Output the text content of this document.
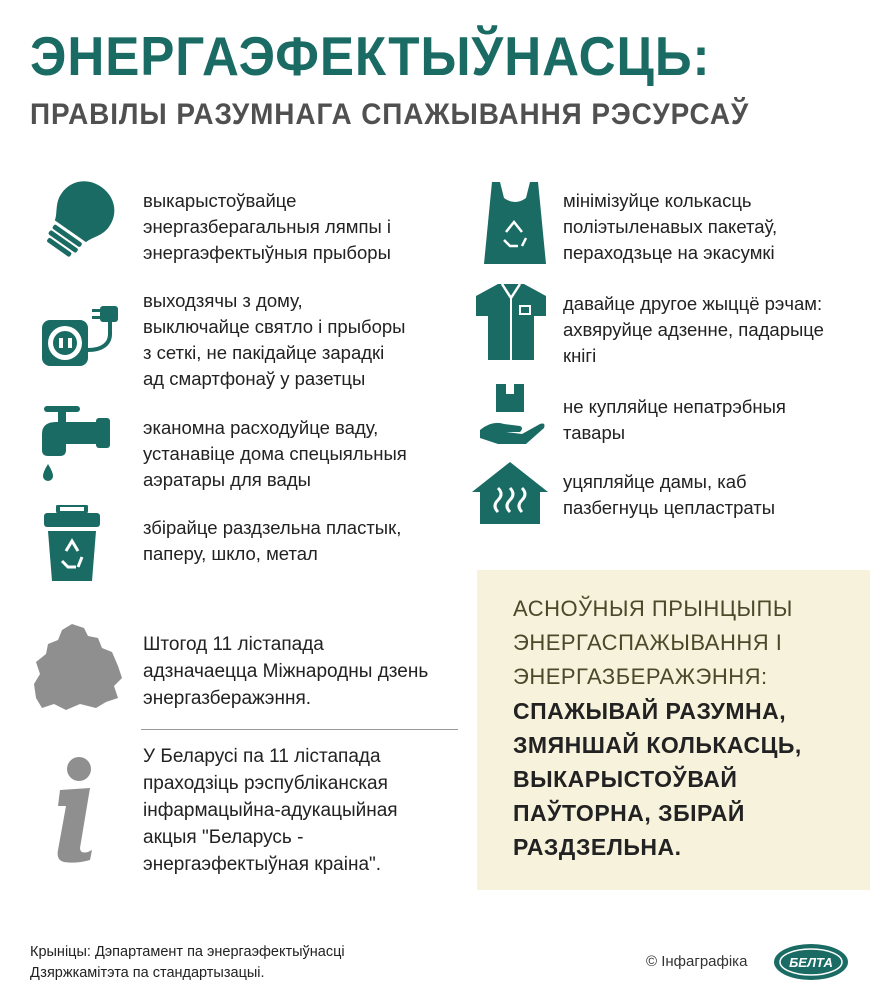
ЭНЕРГАЭФЕКТЫЎНАСЦЬ:
ПРАВІЛЫ РАЗУМНАГА СПАЖЫВАННЯ РЭСУРСАЎ
выкарыстоўвайце
энергазберагальныя лямпы і
энергаэфектыўныя прыборы
выходзячы з дому,
выключайце святло і прыборы
з сеткі, не пакідайце зарадкі
ад смартфонаў у разетцы
эканомна расходуйце ваду,
устанавіце дома спецыяльныя
аэратары для вады
збірайце раздзельна пластык,
паперу, шкло, метал
мінімізуйце колькасць
поліэтыленавых пакетаў,
пераходзьце на экасумкі
давайце другое жыццё рэчам:
ахвяруйце адзенне, падарыце
кнігі
не купляйце непатрэбныя
тавары
уцяпляйце дамы, каб
пазбегнуць цепластраты
Штогод 11 лістапада
адзначаецца Міжнародны дзень
энергазберажэння.
У Беларусі па 11 лістапада
праходзіць рэспубліканская
інфармацыйна-адукацыйная
акцыя "Беларусь -
энергаэфектыўная краіна".
АСНОЎНЫЯ ПРЫНЦЫПЫ
ЭНЕРГАСПАЖЫВАННЯ І
ЭНЕРГАЗБЕРАЖЭННЯ:
СПАЖЫВАЙ РАЗУМНА,
ЗМЯНШАЙ КОЛЬКАСЦЬ,
ВЫКАРЫСТОЎВАЙ
ПАЎТОРНА, ЗБІРАЙ
РАЗДЗЕЛЬНА.
Крыніцы: Дэпартамент па энергаэфектыўнасці
Дзяржкамітэта па стандартызацыі.
© Інфаграфіка	БЕЛТА
